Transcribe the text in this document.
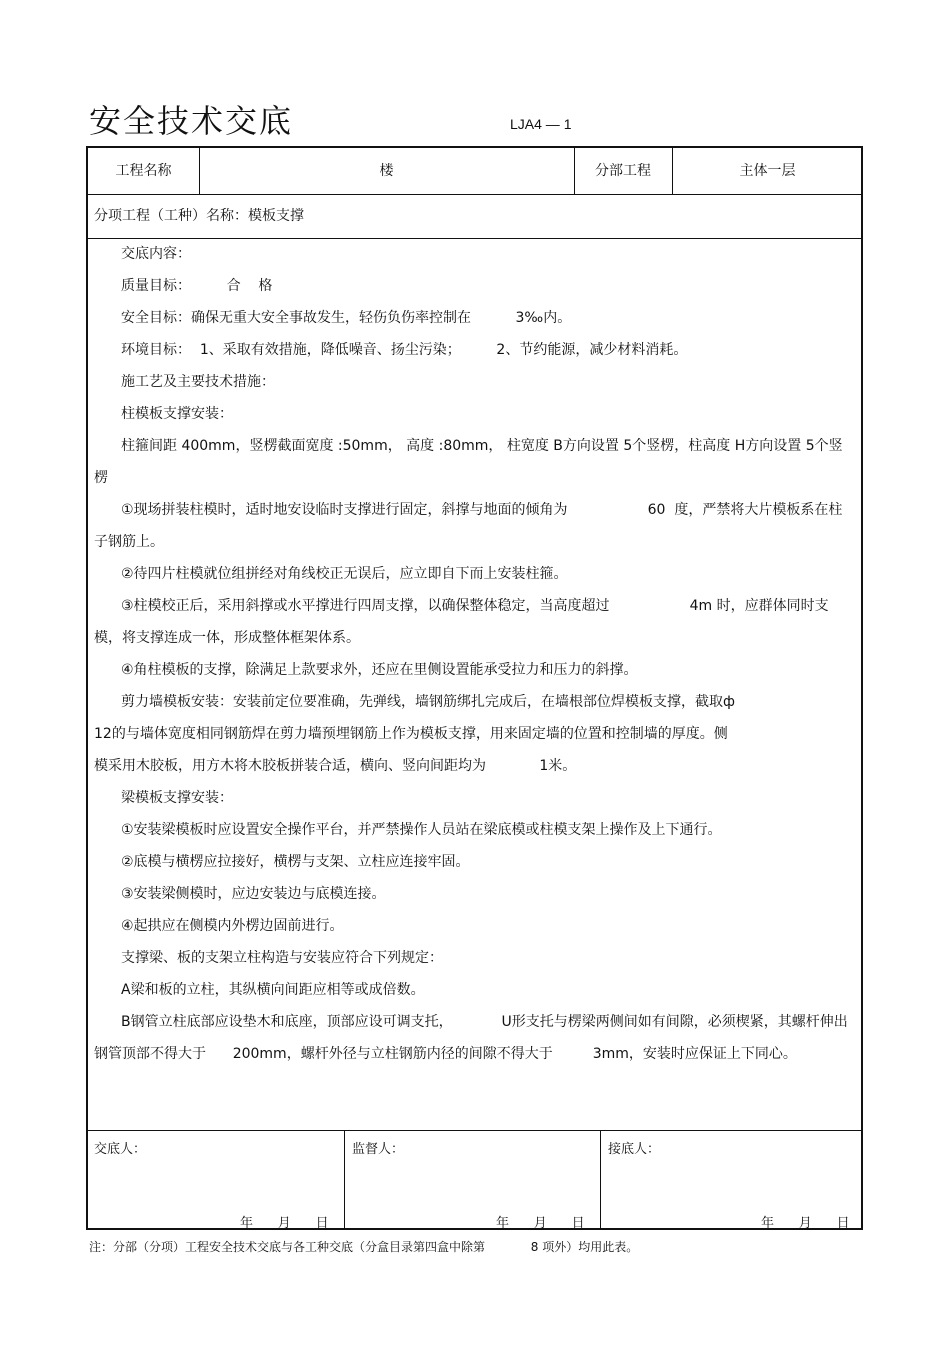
安全技术交底	LJA4 — 1
工程名称	楼	分部工程	主体一层
分项工程（工种）名称：模板支撑

交底内容：

质量目标：        合    格

安全目标：确保无重大安全事故发生，轻伤负伤率控制在          3‰内。

环境目标：  1、采取有效措施，降低噪音、扬尘污染；        2、节约能源，减少材料消耗。

施工艺及主要技术措施：

柱模板支撑安装：

柱箍间距 400mm，竖楞截面宽度 :50mm， 高度 :80mm， 柱宽度 B方向设置 5个竖楞，柱高度 H方向设置 5个竖楞

①现场拼装柱模时，适时地安设临时支撑进行固定，斜撑与地面的倾角为                  60  度，严禁将大片模板系在柱子钢筋上。

②待四片柱模就位组拼经对角线校正无误后，应立即自下而上安装柱箍。

③柱模校正后，采用斜撑或水平撑进行四周支撑，以确保整体稳定，当高度超过                  4m 时，应群体同时支模，将支撑连成一体，形成整体框架体系。

④角柱模板的支撑，除满足上款要求外，还应在里侧设置能承受拉力和压力的斜撑。

剪力墙模板安装：安装前定位要准确，先弹线，墙钢筋绑扎完成后，在墙根部位焊模板支撑，截取ф

12的与墙体宽度相同钢筋焊在剪力墙预埋钢筋上作为模板支撑，用来固定墙的位置和控制墙的厚度。侧

模采用木胶板，用方木将木胶板拼装合适，横向、竖向间距均为            1米。

梁模板支撑安装：

①安装梁模板时应设置安全操作平台，并严禁操作人员站在梁底模或柱模支架上操作及上下通行。

②底模与横楞应拉接好，横楞与支架、立柱应连接牢固。

③安装梁侧模时，应边安装边与底模连接。

④起拱应在侧模内外楞边固前进行。

支撑梁、板的支架立柱构造与安装应符合下列规定：

A梁和板的立柱，其纵横向间距应相等或成倍数。

B钢管立柱底部应设垫木和底座，顶部应设可调支托，           U形支托与楞梁两侧间如有间隙，必须楔紧，其螺杆伸出钢管顶部不得大于      200mm，螺杆外径与立柱钢筋内径的间隙不得大于         3mm，安装时应保证上下同心。

交底人：	监督人：	接底人：
年      月      日	年      月      日	年      月      日
注：分部（分项）工程安全技术交底与各工种交底（分盒目录第四盒中除第            8 项外）均用此表。
